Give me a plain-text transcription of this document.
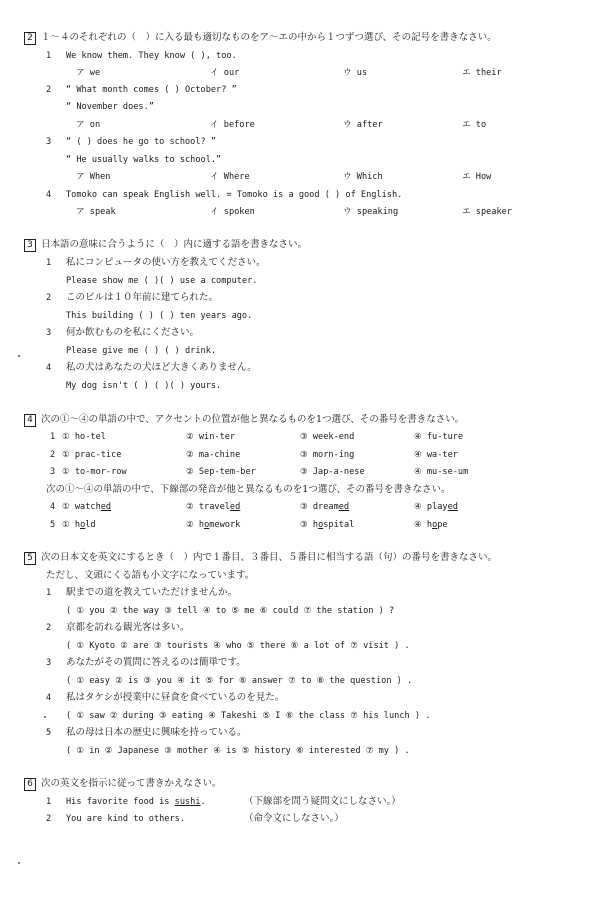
2 １～４のそれぞれの（　）に入る最も適切なものをア～エの中から１つずつ選び、その記号を書きなさい。
1 We know them. They know ( ), too.
ア we	イ our	ウ us	エ their
2 “ What month comes ( ) October? ”
“ November does.”
ア on	イ before	ウ after	エ to
3 “ ( ) does he go to school? ”
“ He usually walks to school.”
ア When	イ Where	ウ Which	エ How
4 Tomoko can speak English well. = Tomoko is a good ( ) of English.
ア speak	イ spoken	ウ speaking	エ speaker
3 日本語の意味に合うように（　）内に適する語を書きなさい。
1 私にコンピュータの使い方を教えてください。
Please show me ( )( ) use a computer.
2 このビルは１０年前に建てられた。
This building ( ) ( ) ten years ago.
3 何か飲むものを私にください。
Please give me ( ) ( ) drink.
4 私の犬はあなたの犬ほど大きくありません。
My dog isn't ( ) ( )( ) yours.
4 次の①～④の単語の中で、アクセントの位置が他と異なるものを1つ選び、その番号を書きなさい。
1 ① ho-tel	② win-ter	③ week-end	④ fu-ture
2 ① prac-tice	② ma-chine	③ morn-ing	④ wa-ter
3 ① to-mor-row	② Sep-tem-ber	③ Jap-a-nese	④ mu-se-um
次の①～④の単語の中で、下線部の発音が他と異なるものを1つ選び、その番号を書きなさい。
4 ① watched	② traveled	③ dreamed	④ played
5 ① hold	② homework	③ hospital	④ hope
5 次の日本文を英文にするとき（　）内で１番目、３番目、５番目に相当する語（句）の番号を書きなさい。
ただし、文頭にくる語も小文字になっています。
1 駅までの道を教えていただけませんか。
( ① you ② the way ③ tell ④ to ⑤ me ⑥ could ⑦ the station ) ?
2 京都を訪れる観光客は多い。
( ① Kyoto ② are ③ tourists ④ who ⑤ there ⑥ a lot of ⑦ visit ) .
3 あなたがその質問に答えるのは簡単です。
( ① easy ② is ③ you ④ it ⑤ for ⑥ answer ⑦ to ⑧ the question ) .
4 私はタケシが授業中に昼食を食べているのを見た。
( ① saw ② during ③ eating ④ Takeshi ⑤ I ⑥ the class ⑦ his lunch ) .
5 私の母は日本の歴史に興味を持っている。
( ① in ② Japanese ③ mother ④ is ⑤ history ⑥ interested ⑦ my ) .
6 次の英文を指示に従って書きかえなさい。
1 His favorite food is sushi.	（下線部を問う疑問文にしなさい。）
2 You are kind to others.	（命令文にしなさい。）
